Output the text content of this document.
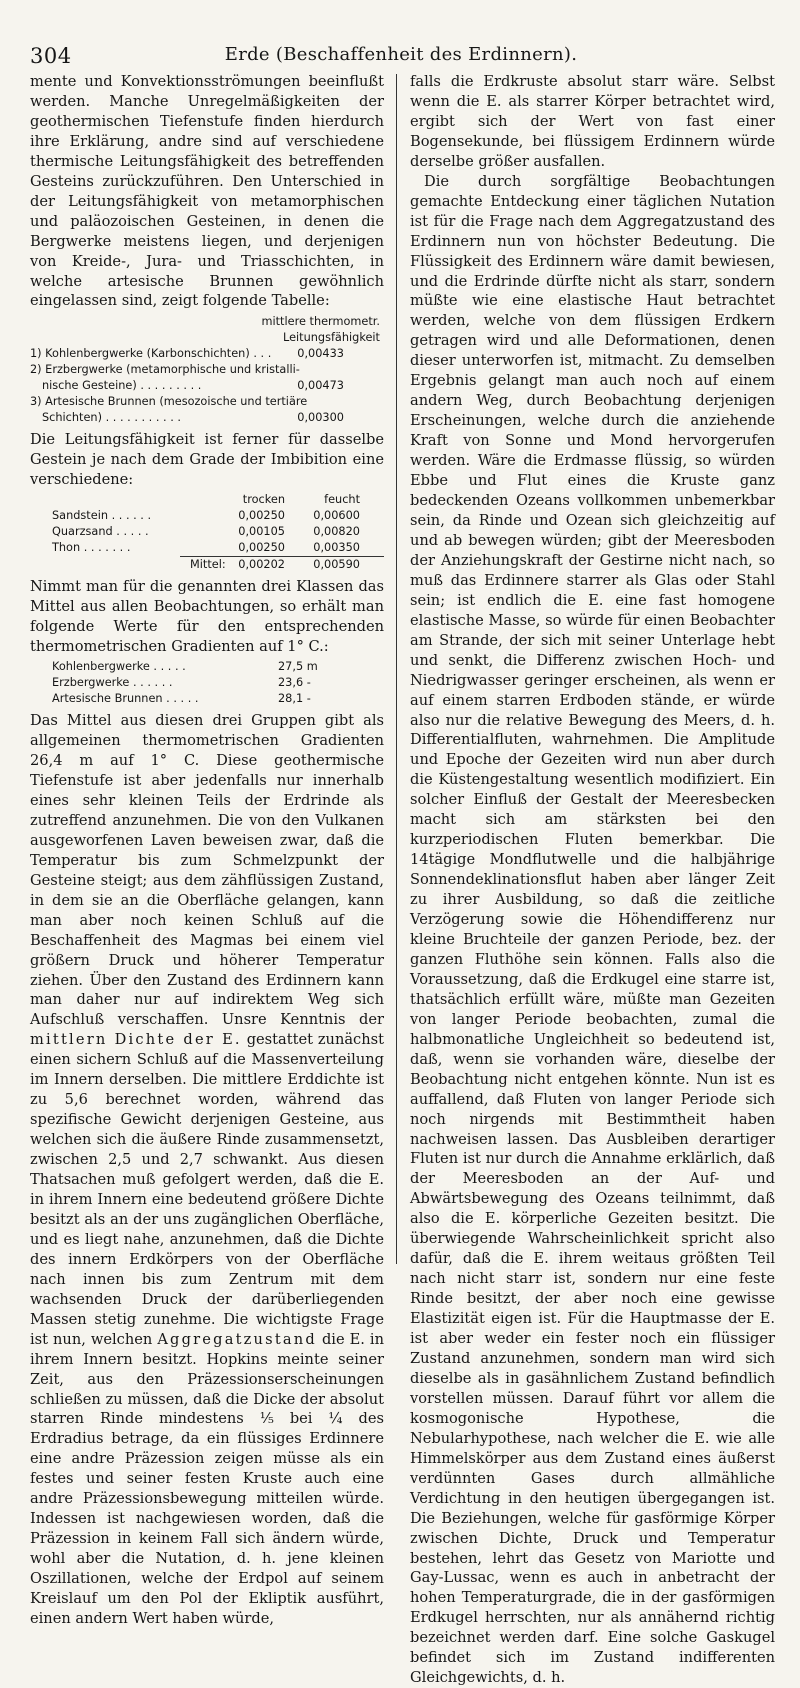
304	Erde (Beschaffenheit des Erdinnern).

mente und Konvektionsströmungen beeinflußt werden. Manche Unregelmäßigkeiten der geothermischen Tiefenstufe finden hierdurch ihre Erklärung, andre sind auf verschiedene thermische Leitungsfähigkeit des betreffenden Gesteins zurückzuführen. Den Unterschied in der Leitungsfähigkeit von metamorphischen und paläozoischen Gesteinen, in denen die Bergwerke meistens liegen, und derjenigen von Kreide-, Jura- und Triasschichten, in welche artesische Brunnen gewöhnlich eingelassen sind, zeigt folgende Tabelle:

mittlere thermometr.
Leitungsfähigkeit
1) Kohlenbergwerke (Karbonschichten) . . . 0,00433
2) Erzbergwerke (metamorphische und kristalli-
nische Gesteine) . . . . . . . . .	0,00473
3) Artesische Brunnen (mesozoische und tertiäre
Schichten) . . . . . . . . . . .	0,00300

Die Leitungsfähigkeit ist ferner für dasselbe Gestein je nach dem Grade der Imbibition eine verschiedene:

trocken	feucht
Sandstein . . . . . .	0,00250	0,00600
Quarzsand . . . . .	0,00105	0,00820
Thon . . . . . . .	0,00250	0,00350
Mittel:	0,00202	0,00590

Nimmt man für die genannten drei Klassen das Mittel aus allen Beobachtungen, so erhält man folgende Werte für den entsprechenden thermometrischen Gradienten auf 1° C.:

Kohlenbergwerke . . . . .	27,5 m
Erzbergwerke . . . . . .	23,6 -
Artesische Brunnen . . . . .	28,1 -

Das Mittel aus diesen drei Gruppen gibt als allgemeinen thermometrischen Gradienten 26,4 m auf 1° C. Diese geothermische Tiefenstufe ist aber jedenfalls nur innerhalb eines sehr kleinen Teils der Erdrinde als zutreffend anzunehmen. Die von den Vulkanen ausgeworfenen Laven beweisen zwar, daß die Temperatur bis zum Schmelzpunkt der Gesteine steigt; aus dem zähflüssigen Zustand, in dem sie an die Oberfläche gelangen, kann man aber noch keinen Schluß auf die Beschaffenheit des Magmas bei einem viel größern Druck und höherer Temperatur ziehen. Über den Zustand des Erdinnern kann man daher nur auf indirektem Weg sich Aufschluß verschaffen. Unsre Kenntnis der mittlern Dichte der E. gestattet zunächst einen sichern Schluß auf die Massenverteilung im Innern derselben. Die mittlere Erddichte ist zu 5,6 berechnet worden, während das spezifische Gewicht derjenigen Gesteine, aus welchen sich die äußere Rinde zusammensetzt, zwischen 2,5 und 2,7 schwankt. Aus diesen Thatsachen muß gefolgert werden, daß die E. in ihrem Innern eine bedeutend größere Dichte besitzt als an der uns zugänglichen Oberfläche, und es liegt nahe, anzunehmen, daß die Dichte des innern Erdkörpers von der Oberfläche nach innen bis zum Zentrum mit dem wachsenden Druck der darüberliegenden Massen stetig zunehme. Die wichtigste Frage ist nun, welchen Aggregatzustand die E. in ihrem Innern besitzt. Hopkins meinte seiner Zeit, aus den Präzessionserscheinungen schließen zu müssen, daß die Dicke der absolut starren Rinde mindestens ⅕ bei ¼ des Erdradius betrage, da ein flüssiges Erdinnere eine andre Präzession zeigen müsse als ein festes und seiner festen Kruste auch eine andre Präzessionsbewegung mitteilen würde. Indessen ist nachgewiesen worden, daß die Präzession in keinem Fall sich ändern würde, wohl aber die Nutation, d. h. jene kleinen Oszillationen, welche der Erdpol auf seinem Kreislauf um den Pol der Ekliptik ausführt, einen andern Wert haben würde,

falls die Erdkruste absolut starr wäre. Selbst wenn die E. als starrer Körper betrachtet wird, ergibt sich der Wert von fast einer Bogensekunde, bei flüssigem Erdinnern würde derselbe größer ausfallen.

Die durch sorgfältige Beobachtungen gemachte Entdeckung einer täglichen Nutation ist für die Frage nach dem Aggregatzustand des Erdinnern nun von höchster Bedeutung. Die Flüssigkeit des Erdinnern wäre damit bewiesen, und die Erdrinde dürfte nicht als starr, sondern müßte wie eine elastische Haut betrachtet werden, welche von dem flüssigen Erdkern getragen wird und alle Deformationen, denen dieser unterworfen ist, mitmacht. Zu demselben Ergebnis gelangt man auch noch auf einem andern Weg, durch Beobachtung derjenigen Erscheinungen, welche durch die anziehende Kraft von Sonne und Mond hervorgerufen werden. Wäre die Erdmasse flüssig, so würden Ebbe und Flut eines die Kruste ganz bedeckenden Ozeans vollkommen unbemerkbar sein, da Rinde und Ozean sich gleichzeitig auf und ab bewegen würden; gibt der Meeresboden der Anziehungskraft der Gestirne nicht nach, so muß das Erdinnere starrer als Glas oder Stahl sein; ist endlich die E. eine fast homogene elastische Masse, so würde für einen Beobachter am Strande, der sich mit seiner Unterlage hebt und senkt, die Differenz zwischen Hoch- und Niedrigwasser geringer erscheinen, als wenn er auf einem starren Erdboden stände, er würde also nur die relative Bewegung des Meers, d. h. Differentialfluten, wahrnehmen. Die Amplitude und Epoche der Gezeiten wird nun aber durch die Küstengestaltung wesentlich modifiziert. Ein solcher Einfluß der Gestalt der Meeresbecken macht sich am stärksten bei den kurzperiodischen Fluten bemerkbar. Die 14tägige Mondflutwelle und die halbjährige Sonnendeklinationsflut haben aber länger Zeit zu ihrer Ausbildung, so daß die zeitliche Verzögerung sowie die Höhendifferenz nur kleine Bruchteile der ganzen Periode, bez. der ganzen Fluthöhe sein können. Falls also die Voraussetzung, daß die Erdkugel eine starre ist, thatsächlich erfüllt wäre, müßte man Gezeiten von langer Periode beobachten, zumal die halbmonatliche Ungleichheit so bedeutend ist, daß, wenn sie vorhanden wäre, dieselbe der Beobachtung nicht entgehen könnte. Nun ist es auffallend, daß Fluten von langer Periode sich noch nirgends mit Bestimmtheit haben nachweisen lassen. Das Ausbleiben derartiger Fluten ist nur durch die Annahme erklärlich, daß der Meeresboden an der Auf- und Abwärtsbewegung des Ozeans teilnimmt, daß also die E. körperliche Gezeiten besitzt. Die überwiegende Wahrscheinlichkeit spricht also dafür, daß die E. ihrem weitaus größten Teil nach nicht starr ist, sondern nur eine feste Rinde besitzt, der aber noch eine gewisse Elastizität eigen ist. Für die Hauptmasse der E. ist aber weder ein fester noch ein flüssiger Zustand anzunehmen, sondern man wird sich dieselbe als in gasähnlichem Zustand befindlich vorstellen müssen. Darauf führt vor allem die kosmogonische Hypothese, die Nebularhypothese, nach welcher die E. wie alle Himmelskörper aus dem Zustand eines äußerst verdünnten Gases durch allmähliche Verdichtung in den heutigen übergegangen ist. Die Beziehungen, welche für gasförmige Körper zwischen Dichte, Druck und Temperatur bestehen, lehrt das Gesetz von Mariotte und Gay-Lussac, wenn es auch in anbetracht der hohen Temperaturgrade, die in der gasförmigen Erdkugel herrschten, nur als annähernd richtig bezeichnet werden darf. Eine solche Gaskugel befindet sich im Zustand indifferenten Gleichgewichts, d. h.
